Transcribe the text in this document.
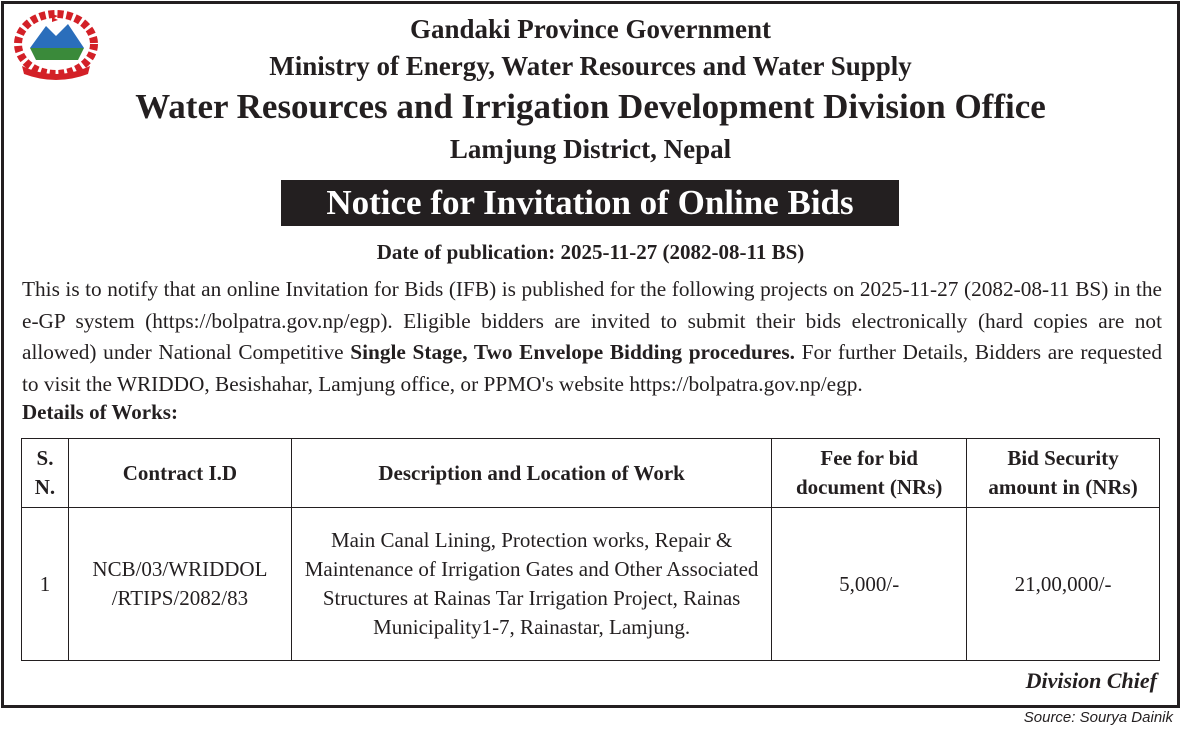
Gandaki Province Government
Ministry of Energy, Water Resources and Water Supply
Water Resources and Irrigation Development Division Office
Lamjung District, Nepal
Notice for Invitation of Online Bids
Date of publication: 2025-11-27 (2082-08-11 BS)
This is to notify that an online Invitation for Bids (IFB) is published for the following projects on 2025-11-27 (2082-08-11 BS) in the e-GP system (https://bolpatra.gov.np/egp). Eligible bidders are invited to submit their bids electronically (hard copies are not allowed) under National Competitive Single Stage, Two Envelope Bidding procedures. For further Details, Bidders are requested to visit the WRIDDO, Besishahar, Lamjung office, or PPMO's website https://bolpatra.gov.np/egp.
Details of Works:
S. N.	Contract I.D	Description and Location of Work	Fee for bid document (NRs)	Bid Security amount in (NRs)
1	NCB/03/WRIDDOL /RTIPS/2082/83	Main Canal Lining, Protection works, Repair & Maintenance of Irrigation Gates and Other Associated Structures at Rainas Tar Irrigation Project, Rainas Municipality1-7, Rainastar, Lamjung.	5,000/-	21,00,000/-
Division Chief
Source: Sourya Dainik
